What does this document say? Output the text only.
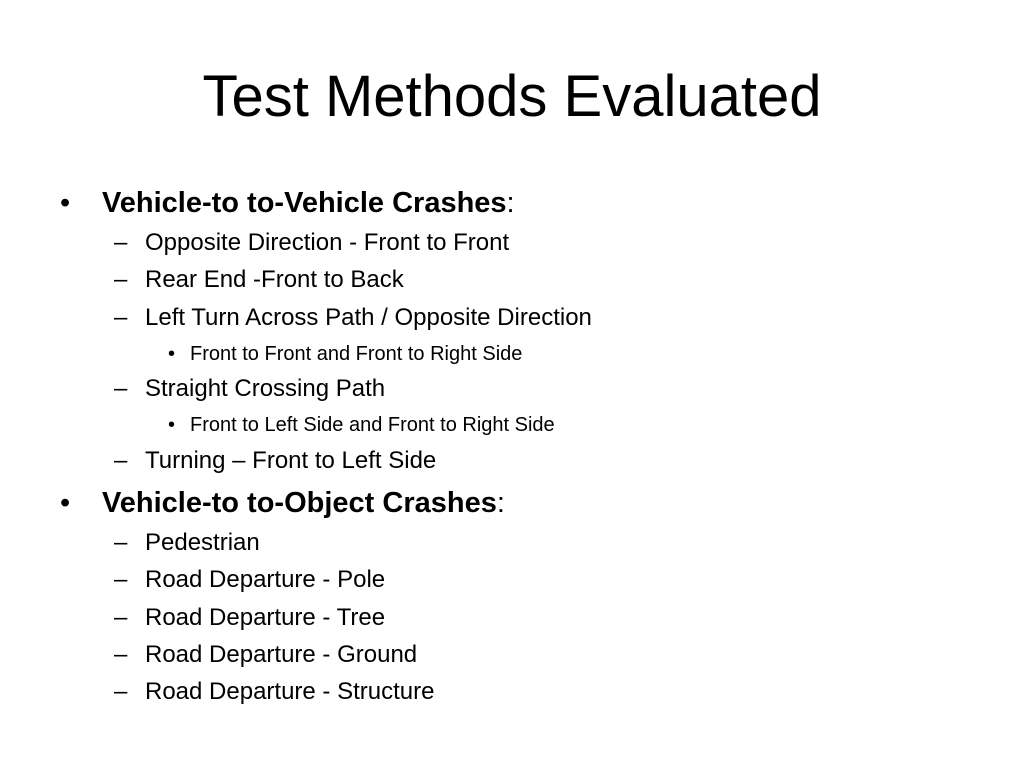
Test Methods Evaluated
• Vehicle-to to-Vehicle Crashes:
– Opposite Direction - Front to Front
– Rear End -Front to Back
– Left Turn Across Path / Opposite Direction
• Front to Front and Front to Right Side
– Straight Crossing Path
• Front to Left Side and Front to Right Side
– Turning – Front to Left Side
• Vehicle-to to-Object Crashes:
– Pedestrian
– Road Departure - Pole
– Road Departure - Tree
– Road Departure - Ground
– Road Departure - Structure
